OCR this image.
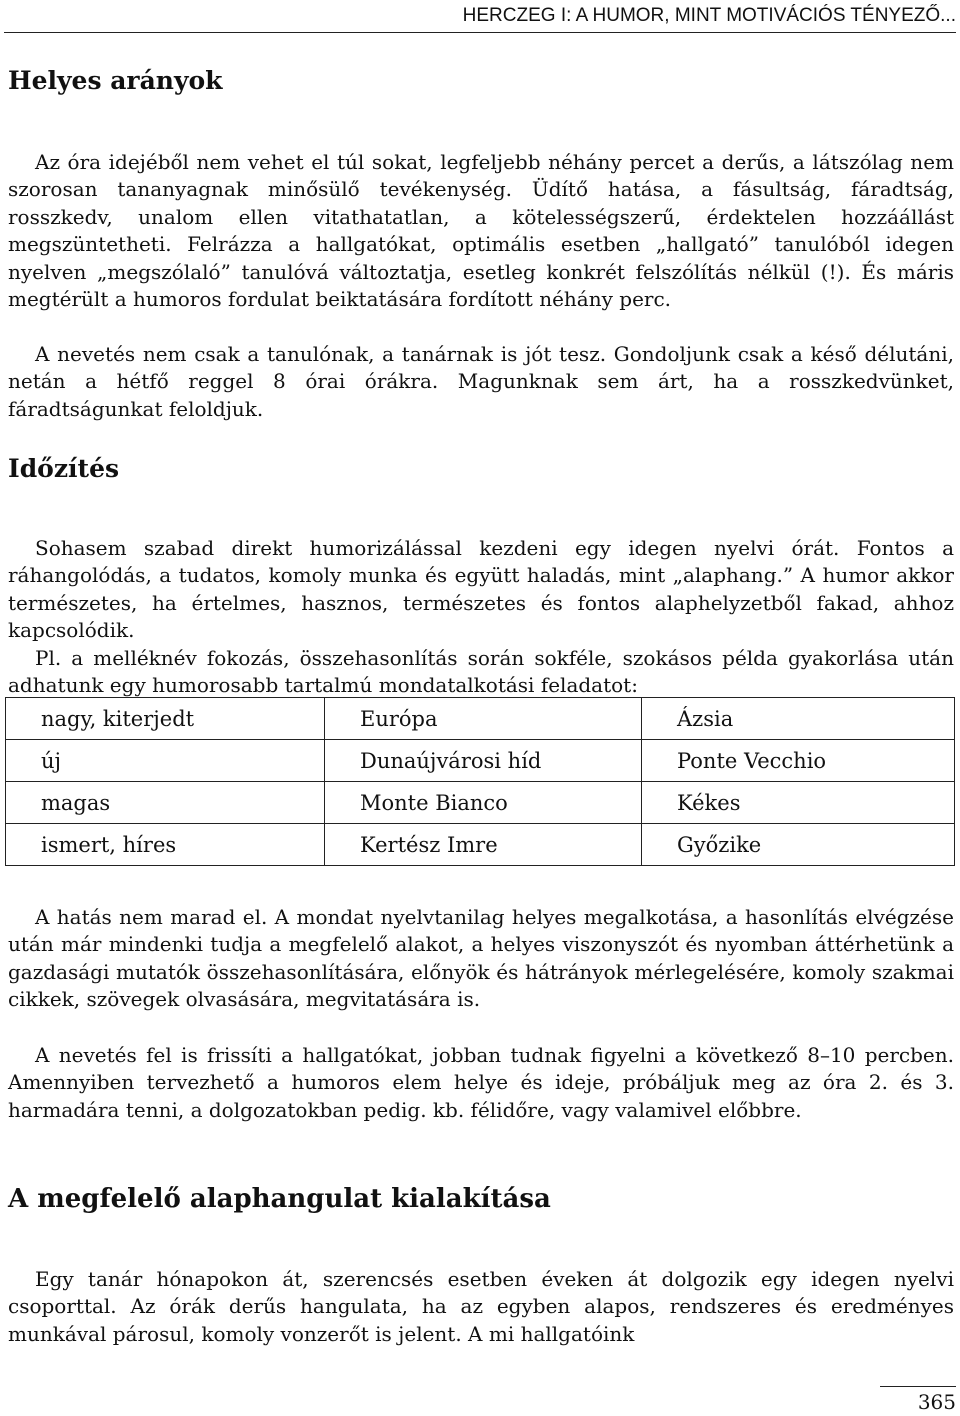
HERCZEG I: A HUMOR, MINT MOTIVÁCIÓS TÉNYEZŐ...
Helyes arányok

Az óra idejéből nem vehet el túl sokat, legfeljebb néhány percet a derűs, a látszólag nem szorosan tananyagnak minősülő tevékenység. Üdítő hatása, a fásultság, fáradtság, rosszkedv, unalom ellen vitathatatlan, a kötelességszerű, érdektelen hozzáállást megszüntetheti. Felrázza a hallgatókat, optimális esetben „hallgató” tanulóból idegen nyelven „megszólaló” tanulóvá változtatja, esetleg konkrét felszólítás nélkül (!). És máris megtérült a humoros fordulat beiktatására fordított néhány perc.

A nevetés nem csak a tanulónak, a tanárnak is jót tesz. Gondoljunk csak a késő délutáni, netán a hétfő reggel 8 órai órákra. Magunknak sem árt, ha a rosszkedvünket, fáradtságunkat feloldjuk.

Időzítés

Sohasem szabad direkt humorizálással kezdeni egy idegen nyelvi órát. Fontos a ráhangolódás, a tudatos, komoly munka és együtt haladás, mint „alaphang.” A humor akkor természetes, ha értelmes, hasznos, természetes és fontos alaphelyzetből fakad, ahhoz kapcsolódik.

Pl. a melléknév fokozás, összehasonlítás során sokféle, szokásos példa gyakorlása után adhatunk egy humorosabb tartalmú mondatalkotási feladatot:

nagy, kiterjedt	Európa	Ázsia
új	Dunaújvárosi híd	Ponte Vecchio
magas	Monte Bianco	Kékes
ismert, híres	Kertész Imre	Győzike

A hatás nem marad el. A mondat nyelvtanilag helyes megalkotása, a hasonlítás elvégzése után már mindenki tudja a megfelelő alakot, a helyes viszonyszót és nyomban áttérhetünk a gazdasági mutatók összehasonlítására, előnyök és hátrányok mérlegelésére, komoly szakmai cikkek, szövegek olvasására, megvitatására is.

A nevetés fel is frissíti a hallgatókat, jobban tudnak figyelni a következő 8–10 percben. Amennyiben tervezhető a humoros elem helye és ideje, próbáljuk meg az óra 2. és 3. harmadára tenni, a dolgozatokban pedig. kb. félidőre, vagy valamivel előbbre.

A megfelelő alaphangulat kialakítása

Egy tanár hónapokon át, szerencsés esetben éveken át dolgozik egy idegen nyelvi csoporttal. Az órák derűs hangulata, ha az egyben alapos, rendszeres és eredményes munkával párosul, komoly vonzerőt is jelent. A mi hallgatóink

365
